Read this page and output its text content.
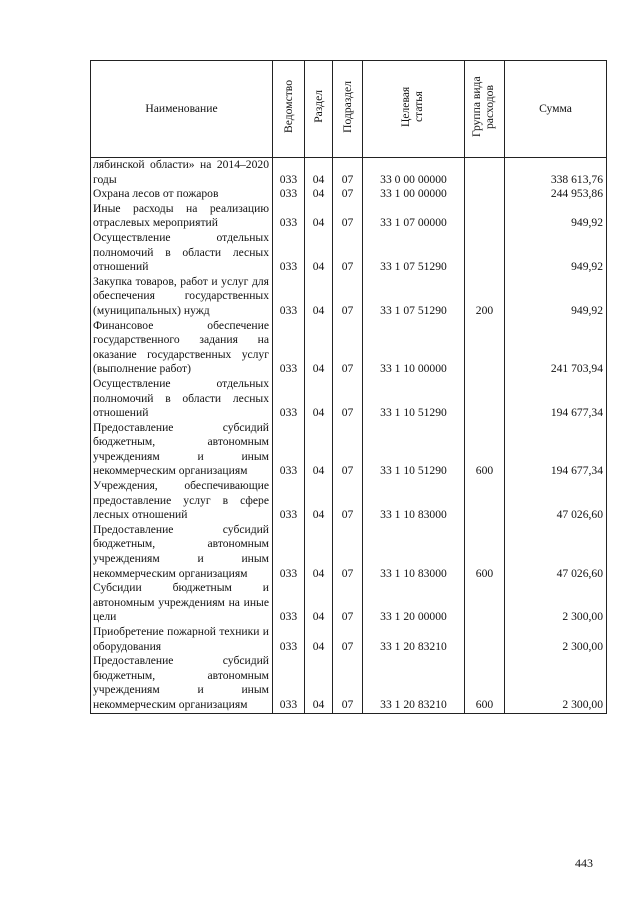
Наименование	Ведомство	Раздел	Подраздел	Целевая статья	Группа вида расходов	Сумма
лябинской области» на 2014–2020 годы	033	04	07	33 0 00 00000		338 613,76
Охрана лесов от пожаров	033	04	07	33 1 00 00000		244 953,86
Иные расходы на реализацию отраслевых мероприятий	033	04	07	33 1 07 00000		949,92
Осуществление отдельных полномочий в области лесных отношений	033	04	07	33 1 07 51290		949,92
Закупка товаров, работ и услуг для обеспечения государственных (муниципальных) нужд	033	04	07	33 1 07 51290	200	949,92
Финансовое обеспечение государственного задания на оказание государственных услуг (выполнение работ)	033	04	07	33 1 10 00000		241 703,94
Осуществление отдельных полномочий в области лесных отношений	033	04	07	33 1 10 51290		194 677,34
Предоставление субсидий бюджетным, автономным учреждениям и иным некоммерческим организациям	033	04	07	33 1 10 51290	600	194 677,34
Учреждения, обеспечивающие предоставление услуг в сфере лесных отношений	033	04	07	33 1 10 83000		47 026,60
Предоставление субсидий бюджетным, автономным учреждениям и иным некоммерческим организациям	033	04	07	33 1 10 83000	600	47 026,60
Субсидии бюджетным и автономным учреждениям на иные цели	033	04	07	33 1 20 00000		2 300,00
Приобретение пожарной техники и оборудования	033	04	07	33 1 20 83210		2 300,00
Предоставление субсидий бюджетным, автономным учреждениям и иным некоммерческим организациям	033	04	07	33 1 20 83210	600	2 300,00
443
